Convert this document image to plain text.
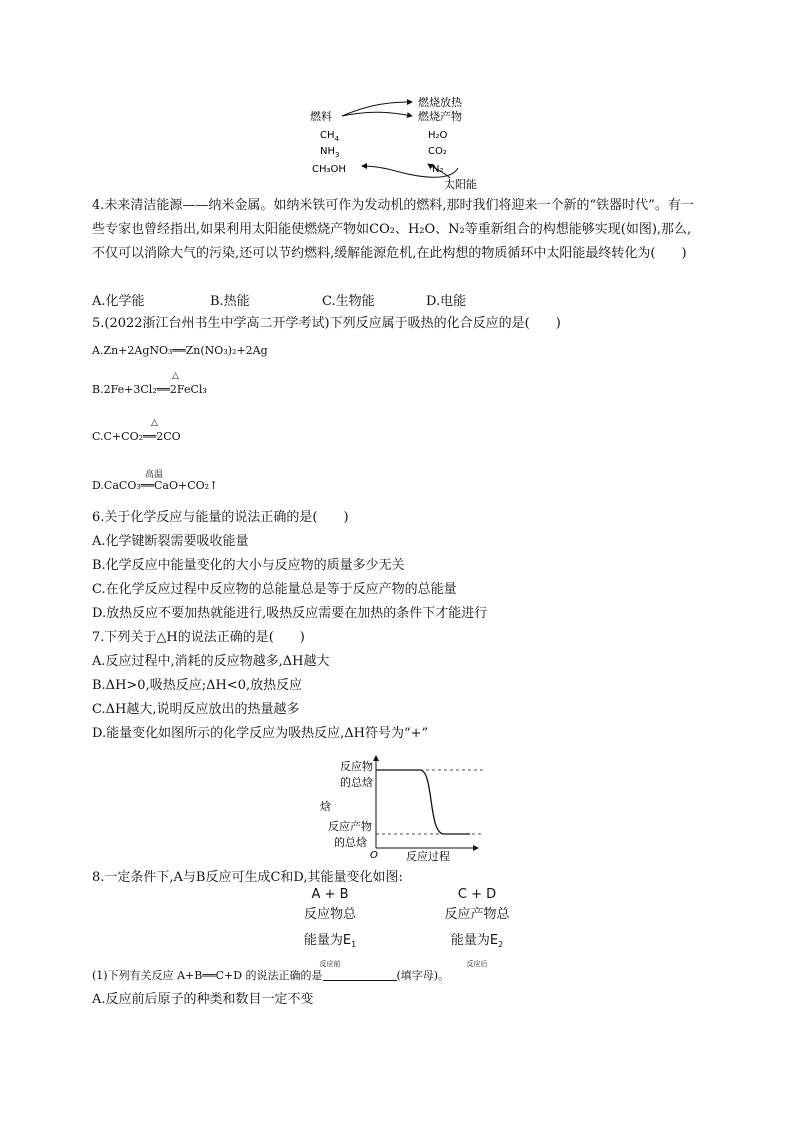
燃料
燃烧放热
燃烧产物
$CH_4$
$NH_3$
CH₃OH
H₂O
CO₂
N₂
太阳能
4.未来清洁能源——纳米金属。如纳米铁可作为发动机的燃料,那时我们将迎来一个新的“铁器时代”。有一些专家也曾经指出,如果利用太阳能使燃烧产物如CO₂、H₂O、N₂等重新组合的构想能够实现(如图),那么,不仅可以消除大气的污染,还可以节约燃料,缓解能源危机,在此构想的物质循环中太阳能最终转化为(　　)
A.化学能	B.热能	C.生物能	D.电能
5.(2022浙江台州书生中学高二开学考试)下列反应属于吸热的化合反应的是(　　)
A.Zn+2AgNO₃══Zn(NO₃)₂+2Ag
△
B.2Fe+3Cl₂══2FeCl₃
△
C.C+CO₂══2CO
高温
D.CaCO₃══CaO+CO₂↑
6.关于化学反应与能量的说法正确的是(　　)
A.化学键断裂需要吸收能量
B.化学反应中能量变化的大小与反应物的质量多少无关
C.在化学反应过程中反应物的总能量总是等于反应产物的总能量
D.放热反应不要加热就能进行,吸热反应需要在加热的条件下才能进行
7.下列关于△H的说法正确的是(　　)
A.反应过程中,消耗的反应物越多,ΔH越大
B.ΔH>0,吸热反应;ΔH<0,放热反应
C.ΔH越大,说明反应放出的热量越多
D.能量变化如图所示的化学反应为吸热反应,ΔH符号为“+”
反应物
的总焓
焓
反应产物
的总焓
O	反应过程
8.一定条件下,A与B反应可生成C和D,其能量变化如图:
A + B
反应物总
能量为$E_1$
反应前
C + D
反应产物总
能量为$E_2$
反应后
(1)下列有关反应 A+B══C+D 的说法正确的是	(填字母)。
A.反应前后原子的种类和数目一定不变
